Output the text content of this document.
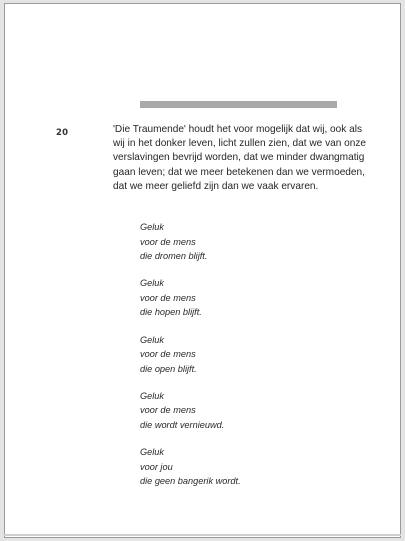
20	'Die Traumende' houdt het voor mogelijk dat wij, ook als
wij in het donker leven, licht zullen zien, dat we van onze
verslavingen bevrijd worden, dat we minder dwangmatig
gaan leven; dat we meer betekenen dan we vermoeden,
dat we meer geliefd zijn dan we vaak ervaren.

Geluk
voor de mens
die dromen blijft.
Geluk
voor de mens
die hopen blijft.
Geluk
voor de mens
die open blijft.
Geluk
voor de mens
die wordt vernieuwd.
Geluk
voor jou
die geen bangerik wordt.
